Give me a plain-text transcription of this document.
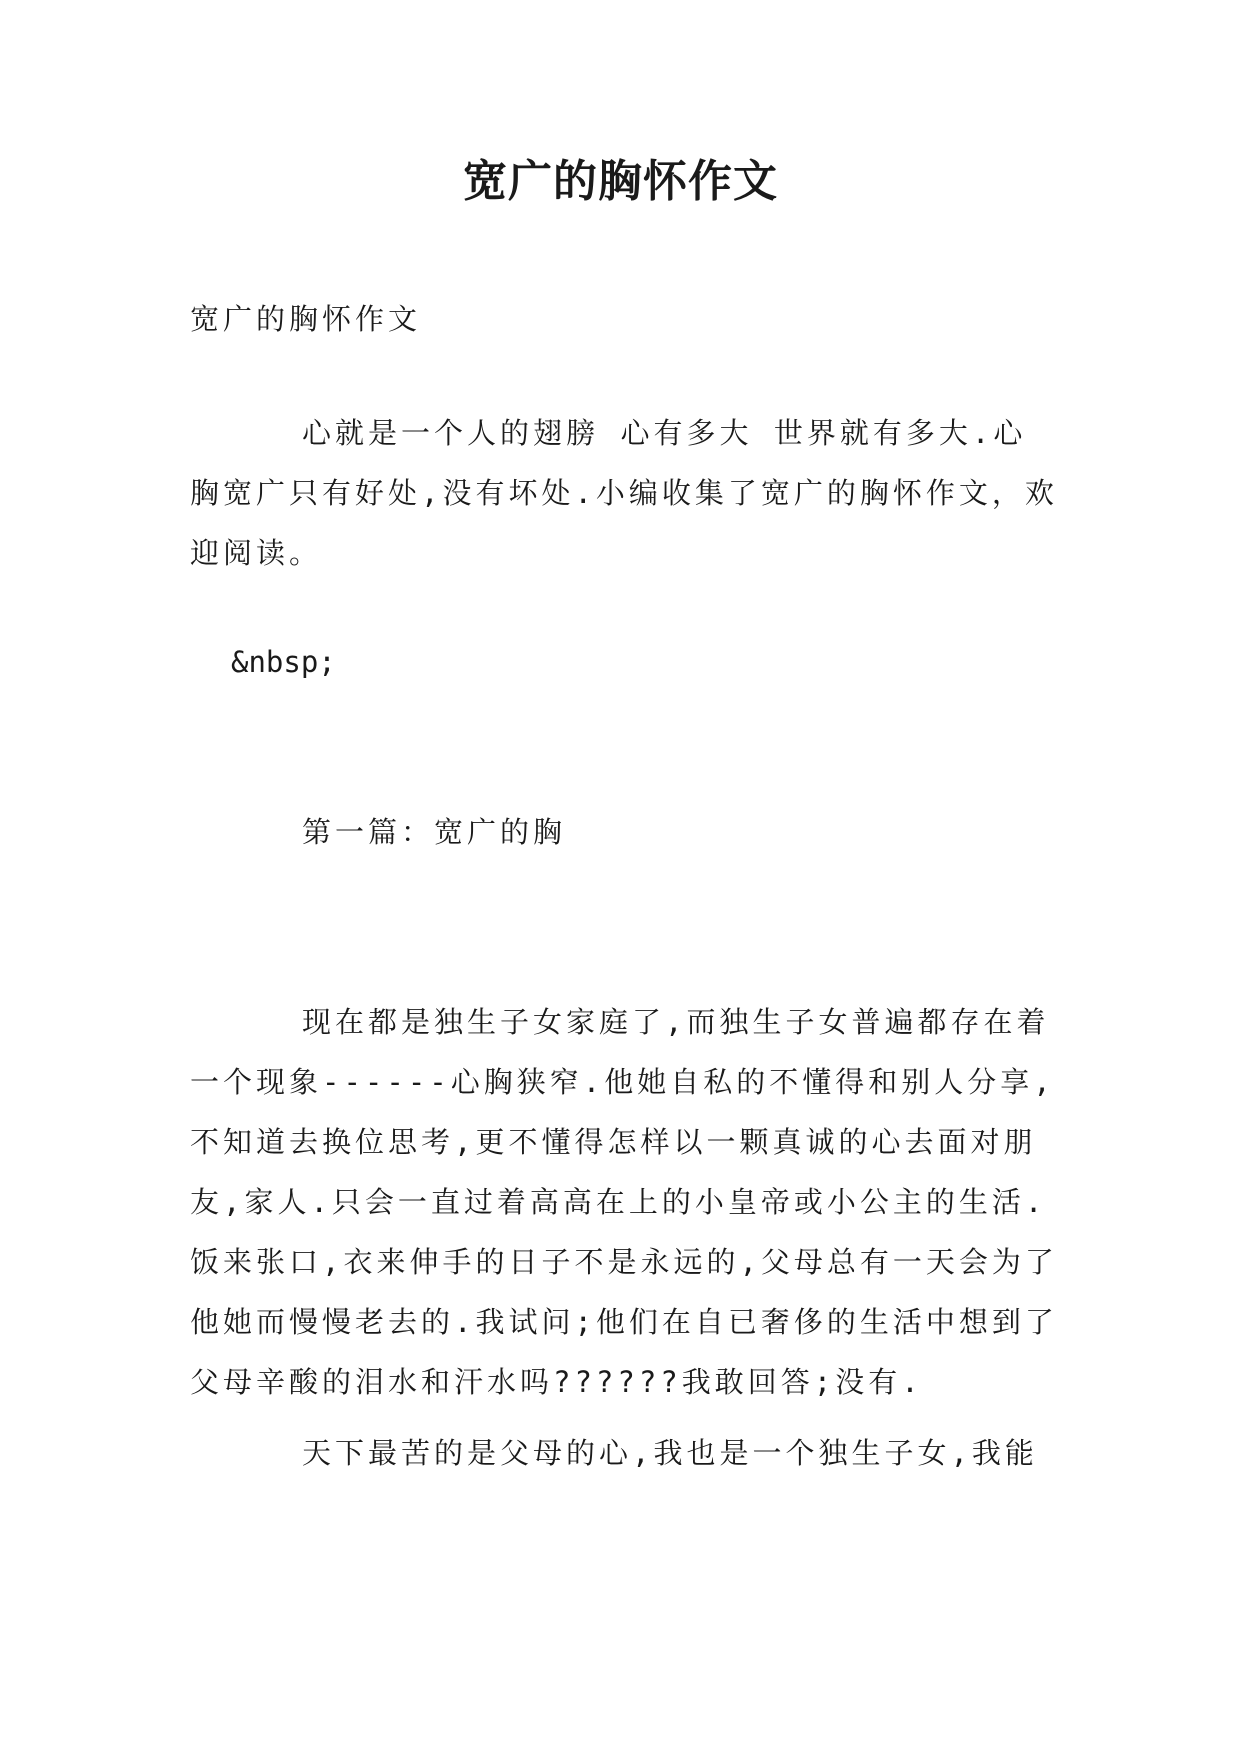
宽广的胸怀作文

宽广的胸怀作文

心就是一个人的翅膀 心有多大 世界就有多大.心胸宽广只有好处,没有坏处.小编收集了宽广的胸怀作文，欢迎阅读。

&nbsp;

第一篇：宽广的胸

现在都是独生子女家庭了,而独生子女普遍都存在着一个现象------心胸狭窄.他她自私的不懂得和别人分享,不知道去换位思考,更不懂得怎样以一颗真诚的心去面对朋友,家人.只会一直过着高高在上的小皇帝或小公主的生活.饭来张口,衣来伸手的日子不是永远的,父母总有一天会为了他她而慢慢老去的.我试问;他们在自已奢侈的生活中想到了父母辛酸的泪水和汗水吗??????我敢回答;没有.

天下最苦的是父母的心,我也是一个独生子女,我能
